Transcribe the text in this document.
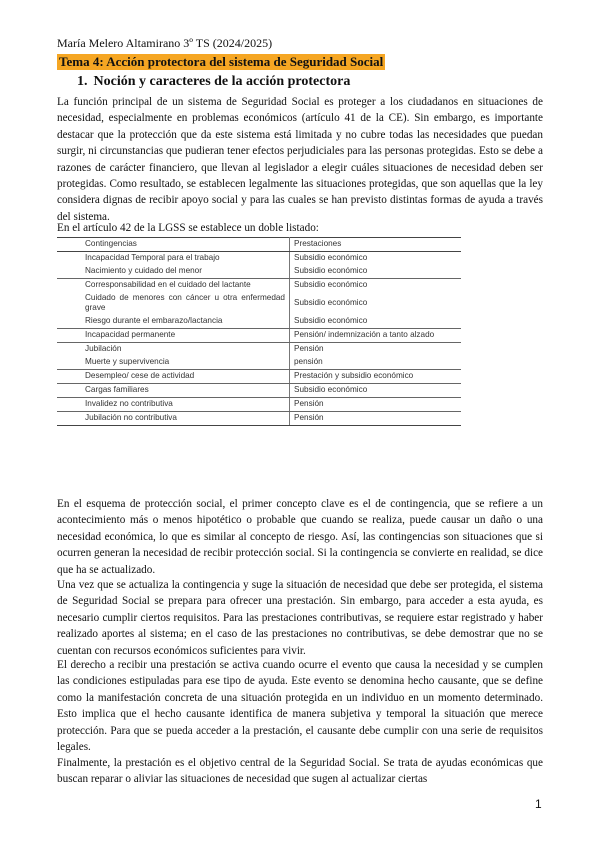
María Melero Altamirano 3º TS (2024/2025)
Tema 4: Acción protectora del sistema de Seguridad Social
1. Noción y caracteres de la acción protectora

La función principal de un sistema de Seguridad Social es proteger a los ciudadanos en situaciones de necesidad, especialmente en problemas económicos (artículo 41 de la CE). Sin embargo, es importante destacar que la protección que da este sistema está limitada y no cubre todas las necesidades que puedan surgir, ni circunstancias que pudieran tener efectos perjudiciales para las personas protegidas. Esto se debe a razones de carácter financiero, que llevan al legislador a elegir cuáles situaciones de necesidad deben ser protegidas. Como resultado, se establecen legalmente las situaciones protegidas, que son aquellas que la ley considera dignas de recibir apoyo social y para las cuales se han previsto distintas formas de ayuda a través del sistema.

En el artículo 42 de la LGSS se establece un doble listado:
Contingencias	Prestaciones

Incapacidad Temporal para el trabajo	Subsidio económico

Nacimiento y cuidado del menor	Subsidio económico

Corresponsabilidad en el cuidado del lactante	Subsidio económico

Cuidado de menores con cáncer u otra enfermedad grave	Subsidio económico

Riesgo durante el embarazo/lactancia	Subsidio económico

Incapacidad permanente	Pensión/ indemnización a tanto alzado

Jubilación	Pensión

Muerte y supervivencia	pensión

Desempleo/ cese de actividad	Prestación y subsidio económico

Cargas familiares	Subsidio económico

Invalidez no contributiva	Pensión

Jubilación no contributiva	Pensión

En el esquema de protección social, el primer concepto clave es el de contingencia, que se refiere a un acontecimiento más o menos hipotético o probable que cuando se realiza, puede causar un daño o una necesidad económica, lo que es similar al concepto de riesgo. Así, las contingencias son situaciones que si ocurren generan la necesidad de recibir protección social. Si la contingencia se convierte en realidad, se dice que ha se actualizado.

Una vez que se actualiza la contingencia y suge la situación de necesidad que debe ser protegida, el sistema de Seguridad Social se prepara para ofrecer una prestación. Sin embargo, para acceder a esta ayuda, es necesario cumplir ciertos requisitos. Para las prestaciones contributivas, se requiere estar registrado y haber realizado aportes al sistema; en el caso de las prestaciones no contributivas, se debe demostrar que no se cuentan con recursos económicos suficientes para vivir.

El derecho a recibir una prestación se activa cuando ocurre el evento que causa la necesidad y se cumplen las condiciones estipuladas para ese tipo de ayuda. Este evento se denomina hecho causante, que se define como la manifestación concreta de una situación protegida en un individuo en un momento determinado. Esto implica que el hecho causante identifica de manera subjetiva y temporal la situación que merece protección. Para que se pueda acceder a la prestación, el causante debe cumplir con una serie de requisitos legales.

Finalmente, la prestación es el objetivo central de la Seguridad Social. Se trata de ayudas económicas que buscan reparar o aliviar las situaciones de necesidad que sugen al actualizar ciertas

1
